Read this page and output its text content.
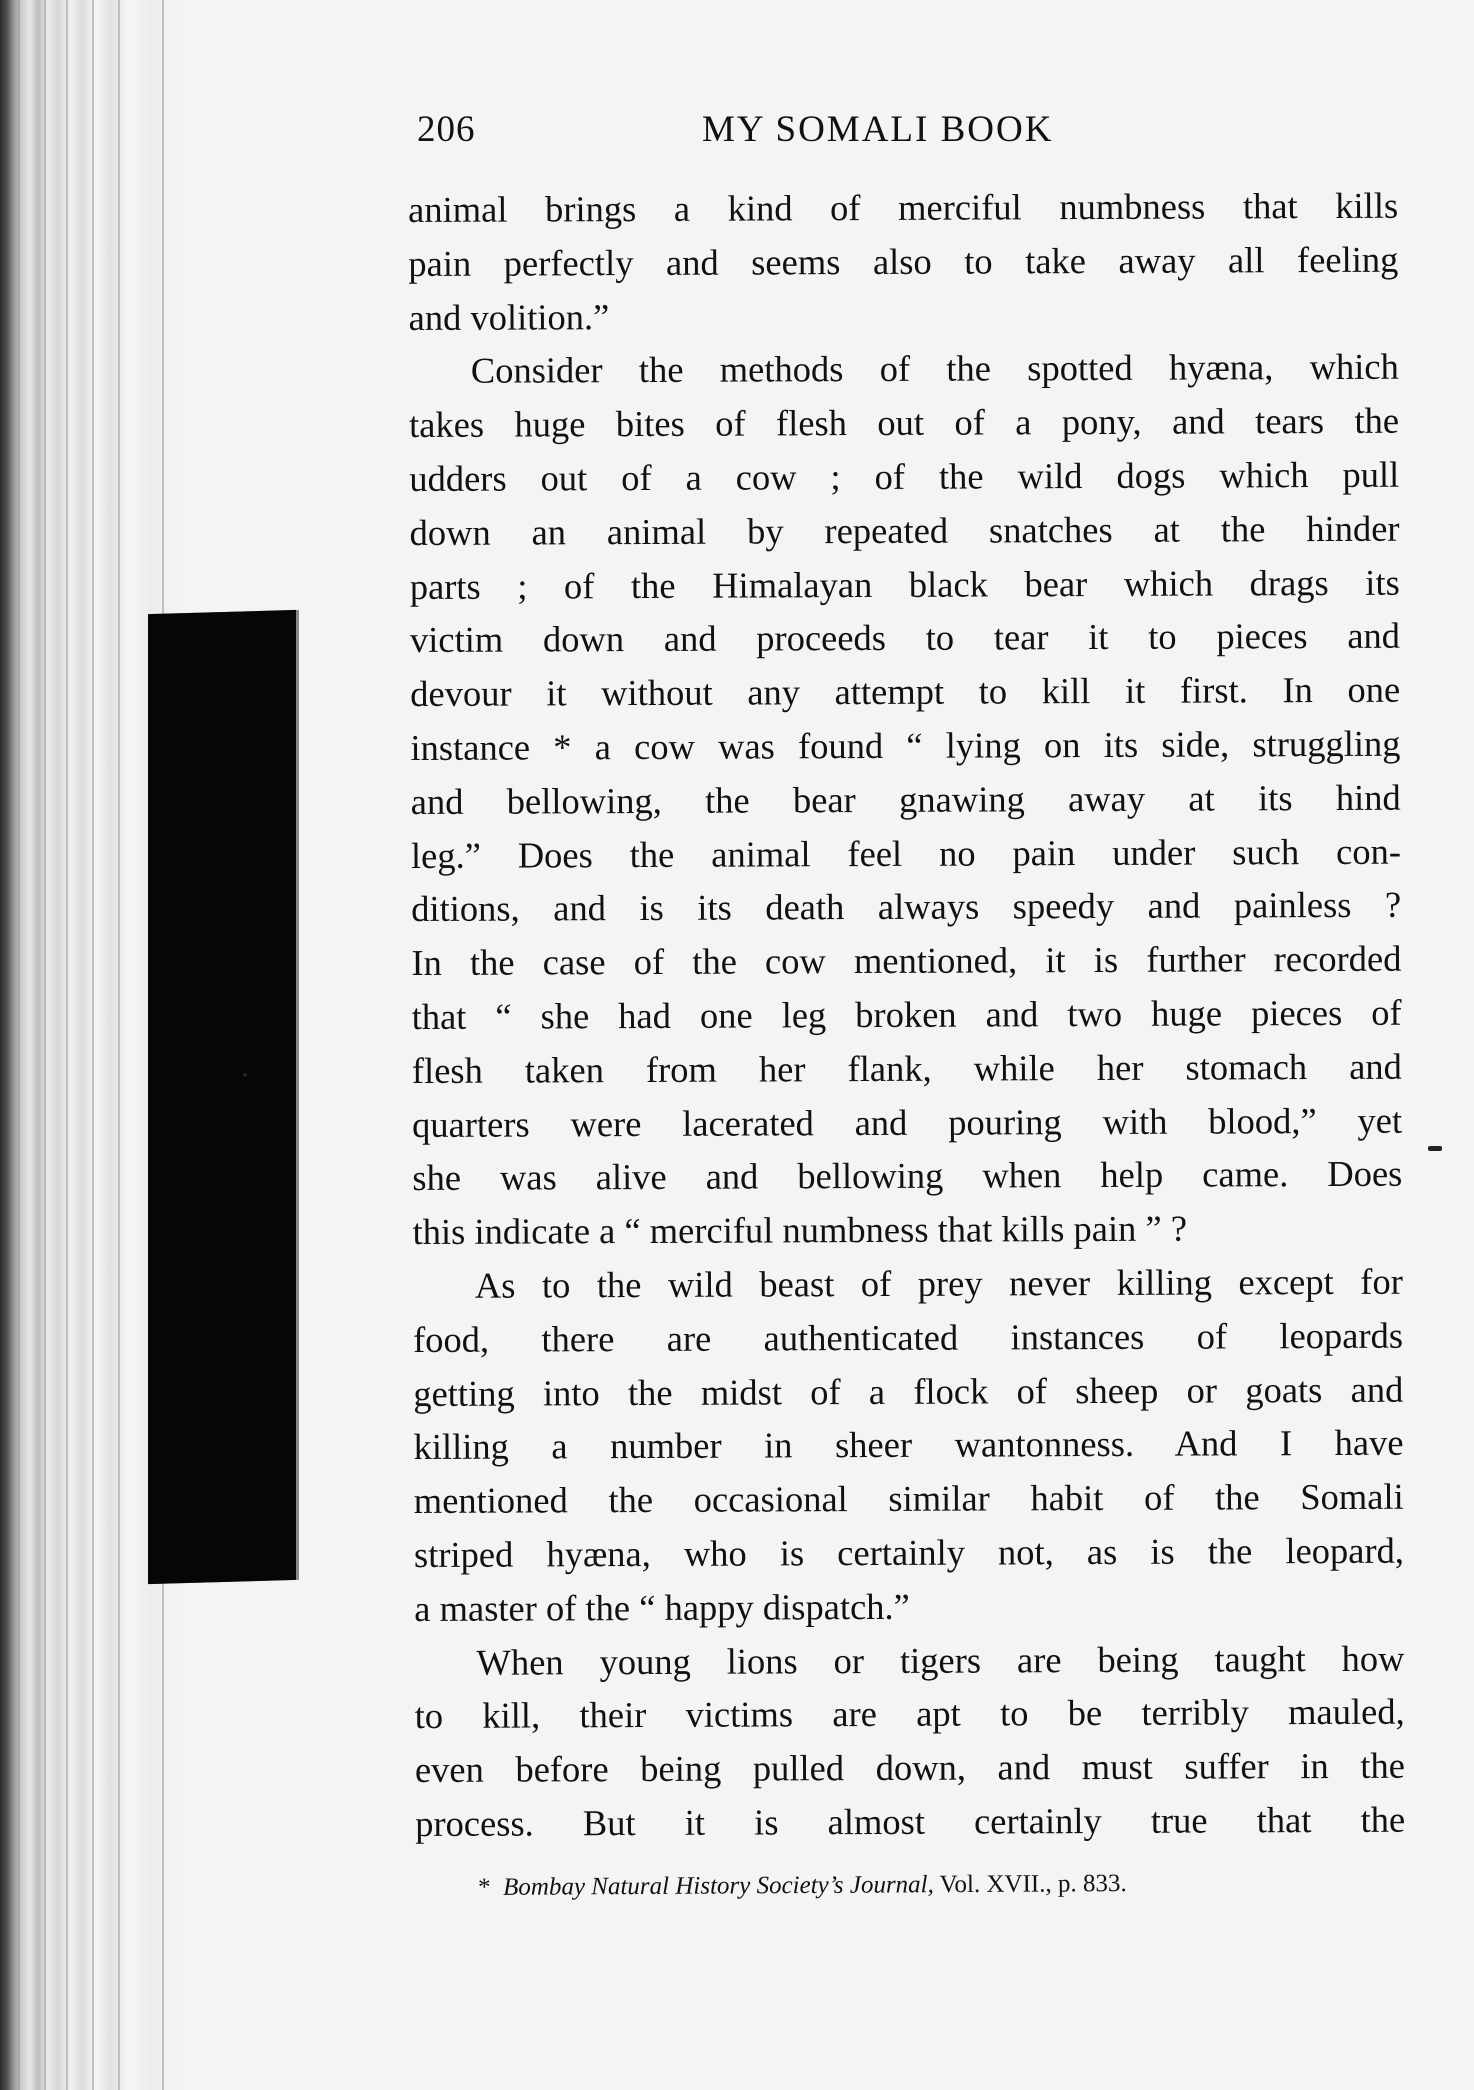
206	MY SOMALI BOOK
animal brings a kind of merciful numbness that kills
pain perfectly and seems also to take away all feeling
and volition.”
Consider the methods of the spotted hyæna, which
takes huge bites of flesh out of a pony, and tears the
udders out of a cow ; of the wild dogs which pull
down an animal by repeated snatches at the hinder
parts ; of the Himalayan black bear which drags its
victim down and proceeds to tear it to pieces and
devour it without any attempt to kill it first. In one
instance * a cow was found “ lying on its side, struggling
and bellowing, the bear gnawing away at its hind
leg.” Does the animal feel no pain under such con-
ditions, and is its death always speedy and painless ?
In the case of the cow mentioned, it is further recorded
that “ she had one leg broken and two huge pieces of
flesh taken from her flank, while her stomach and
quarters were lacerated and pouring with blood,” yet
she was alive and bellowing when help came. Does
this indicate a “ merciful numbness that kills pain ” ?
As to the wild beast of prey never killing except for
food, there are authenticated instances of leopards
getting into the midst of a flock of sheep or goats and
killing a number in sheer wantonness. And I have
mentioned the occasional similar habit of the Somali
striped hyæna, who is certainly not, as is the leopard,
a master of the “ happy dispatch.”
When young lions or tigers are being taught how
to kill, their victims are apt to be terribly mauled,
even before being pulled down, and must suffer in the
process. But it is almost certainly true that the
* Bombay Natural History Society’s Journal, Vol. XVII., p. 833.
